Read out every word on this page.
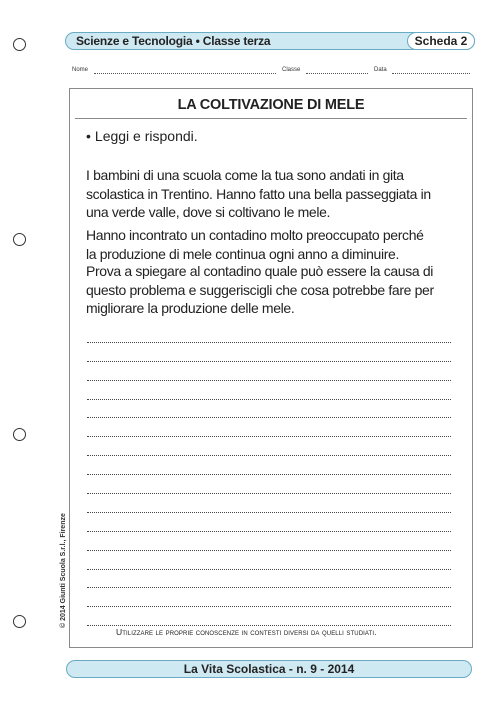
Scienze e Tecnologia • Classe terza	Scheda 2
Nome	Classe	Data
LA COLTIVAZIONE DI MELE
• Leggi e rispondi.
I bambini di una scuola come la tua sono andati in gita
scolastica in Trentino. Hanno fatto una bella passeggiata in
una verde valle, dove si coltivano le mele.
Hanno incontrato un contadino molto preoccupato perché
la produzione di mele continua ogni anno a diminuire.
Prova a spiegare al contadino quale può essere la causa di
questo problema e suggeriscigli che cosa potrebbe fare per
migliorare la produzione delle mele.
Utilizzare le proprie conoscenze in contesti diversi da quelli studiati.
© 2014 Giunti Scuola S.r.l., Firenze
La Vita Scolastica - n. 9 - 2014
